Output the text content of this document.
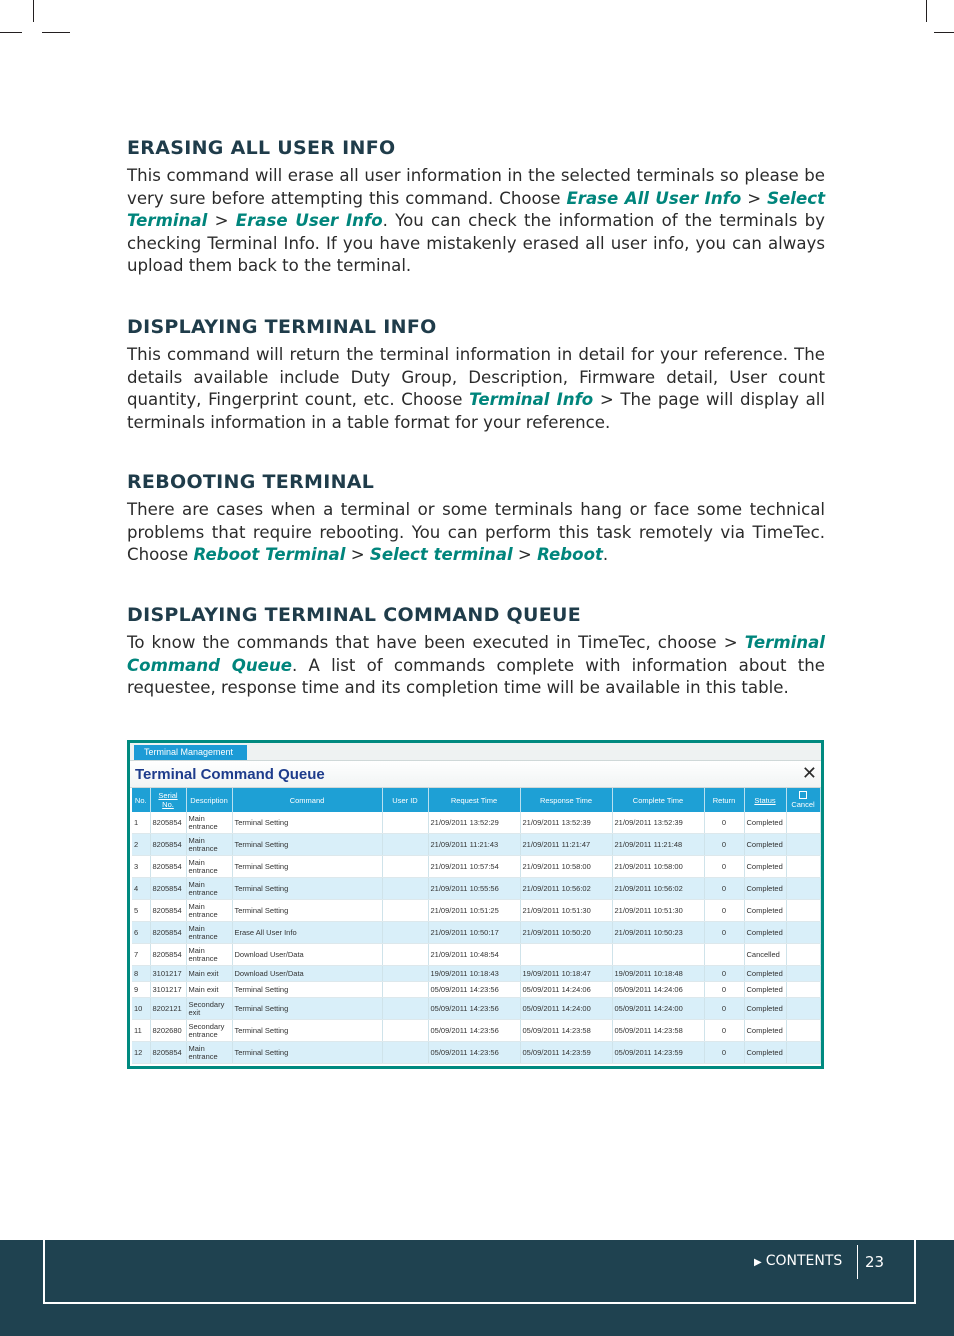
ERASING ALL USER INFO

This command will erase all user information in the selected terminals so please be very sure before attempting this command. Choose Erase All User Info > Select Terminal > Erase User Info. You can check the information of the terminals by checking Terminal Info. If you have mistakenly erased all user info, you can always upload them back to the terminal.

DISPLAYING TERMINAL INFO

This command will return the terminal information in detail for your reference. The details available include Duty Group, Description, Firmware detail, User count quantity, Fingerprint count, etc. Choose Terminal Info > The page will display all terminals information in a table format for your reference.

REBOOTING TERMINAL

There are cases when a terminal or some terminals hang or face some technical problems that require rebooting. You can perform this task remotely via TimeTec. Choose Reboot Terminal > Select terminal > Reboot.

DISPLAYING TERMINAL COMMAND QUEUE

To know the commands that have been executed in TimeTec, choose > Terminal Command Queue. A list of commands complete with information about the requestee, response time and its completion time will be available in this table.

Terminal Management
Terminal Command Queue	✕
No.	Serial No.	Description	Command	User ID	Request Time	Response Time	Complete Time	Return	Status	Cancel
1	8205854	Main entrance	Terminal Setting		21/09/2011 13:52:29	21/09/2011 13:52:39	21/09/2011 13:52:39	0	Completed	
2	8205854	Main entrance	Terminal Setting		21/09/2011 11:21:43	21/09/2011 11:21:47	21/09/2011 11:21:48	0	Completed	
3	8205854	Main entrance	Terminal Setting		21/09/2011 10:57:54	21/09/2011 10:58:00	21/09/2011 10:58:00	0	Completed	
4	8205854	Main entrance	Terminal Setting		21/09/2011 10:55:56	21/09/2011 10:56:02	21/09/2011 10:56:02	0	Completed	
5	8205854	Main entrance	Terminal Setting		21/09/2011 10:51:25	21/09/2011 10:51:30	21/09/2011 10:51:30	0	Completed	
6	8205854	Main entrance	Erase All User Info		21/09/2011 10:50:17	21/09/2011 10:50:20	21/09/2011 10:50:23	0	Completed	
7	8205854	Main entrance	Download User/Data		21/09/2011 10:48:54				Cancelled	
8	3101217	Main exit	Download User/Data		19/09/2011 10:18:43	19/09/2011 10:18:47	19/09/2011 10:18:48	0	Completed	
9	3101217	Main exit	Terminal Setting		05/09/2011 14:23:56	05/09/2011 14:24:06	05/09/2011 14:24:06	0	Completed	
10	8202121	Secondary exit	Terminal Setting		05/09/2011 14:23:56	05/09/2011 14:24:00	05/09/2011 14:24:00	0	Completed	
11	8202680	Secondary entrance	Terminal Setting		05/09/2011 14:23:56	05/09/2011 14:23:58	05/09/2011 14:23:58	0	Completed	
12	8205854	Main entrance	Terminal Setting		05/09/2011 14:23:56	05/09/2011 14:23:59	05/09/2011 14:23:59	0	Completed	
▶ CONTENTS 23
